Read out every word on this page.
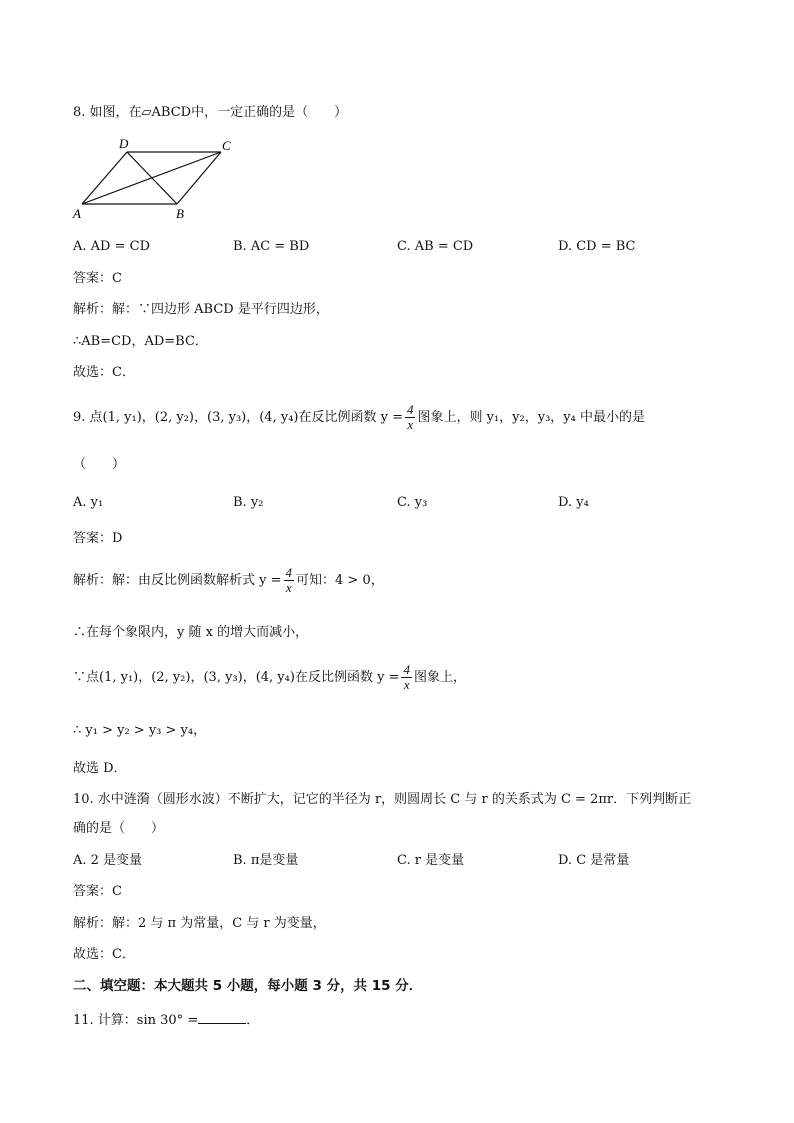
8. 如图，在▱ABCD中，一定正确的是（　　）
D	C
A	B
A. AD = CD	B. AC = BD	C. AB = CD	D. CD = BC
答案：C
解析：解：∵四边形 ABCD 是平行四边形，
∴AB=CD，AD=BC．
故选：C．
9. 点(1, y₁)，(2, y₂)，(3, y₃)，(4, y₄)在反比例函数 $y = \frac{4}{x}$ 图象上，则 y₁，y₂，y₃，y₄ 中最小的是
（　　）
A. y₁	B. y₂	C. y₃	D. y₄
答案：D
解析：解：由反比例函数解析式 $y = \frac{4}{x}$ 可知：4 > 0，
∴在每个象限内，y 随 x 的增大而减小，
∵点(1, y₁)，(2, y₂)，(3, y₃)，(4, y₄)在反比例函数 $y = \frac{4}{x}$ 图象上，
∴ y₁ > y₂ > y₃ > y₄，
故选 D．
10. 水中涟漪（圆形水波）不断扩大，记它的半径为 r，则圆周长 C 与 r 的关系式为 C = 2πr．下列判断正
确的是（　　）
A. 2 是变量	B. π是变量	C. r 是变量	D. C 是常量
答案：C
解析：解：2 与 π 为常量，C 与 r 为变量，
故选：C．
二、填空题：本大题共 5 小题，每小题 3 分，共 15 分．
11. 计算：sin 30° =	．
